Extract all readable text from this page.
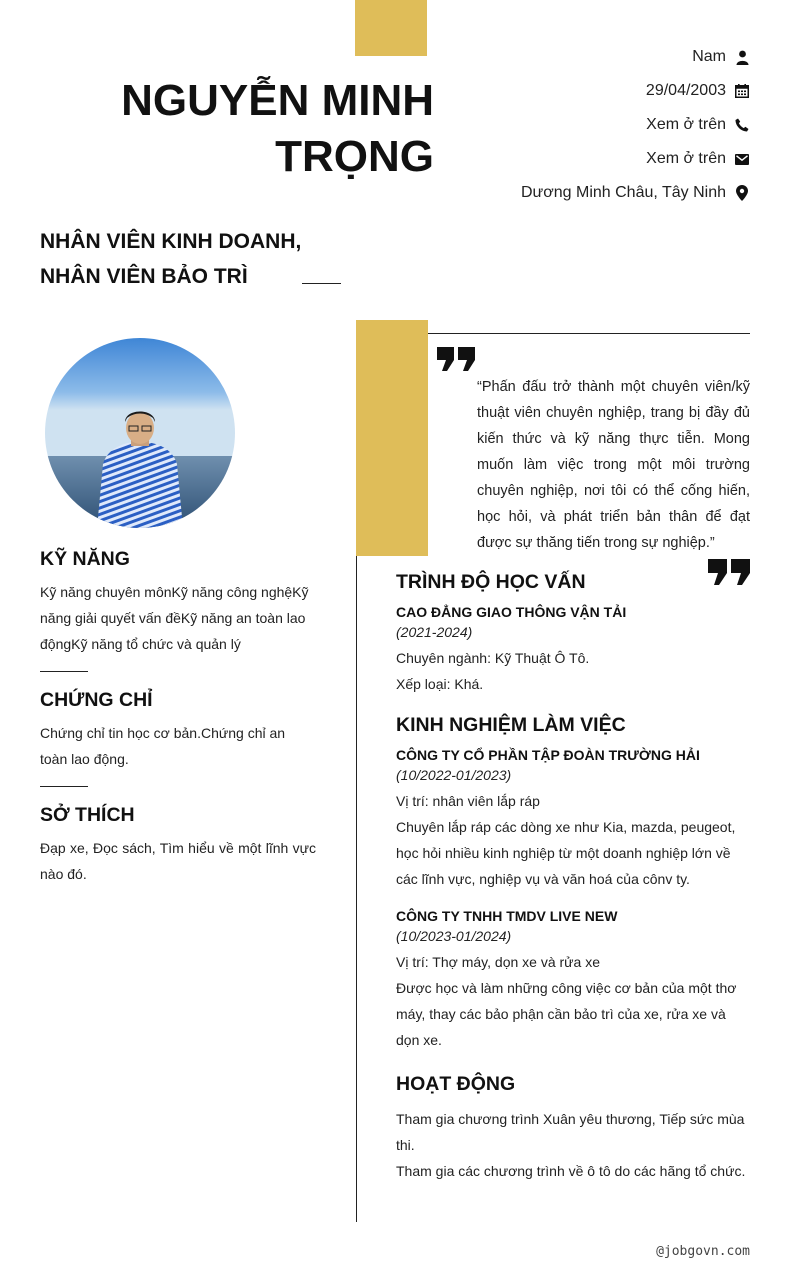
NGUYỄN MINH
TRỌNG
Nam
29/04/2003
Xem ở trên
Xem ở trên
Dương Minh Châu, Tây Ninh
NHÂN VIÊN KINH DOANH,
NHÂN VIÊN BẢO TRÌ
“Phấn đấu trở thành một chuyên viên/kỹ thuật viên chuyên nghiệp, trang bị đầy đủ kiến thức và kỹ năng thực tiễn. Mong muốn làm việc trong một môi trường chuyên nghiệp, nơi tôi có thể cống hiến, học hỏi, và phát triển bản thân để đạt được sự thăng tiến trong sự nghiệp.”
KỸ NĂNG
Kỹ năng chuyên mônKỹ năng công nghệKỹ năng giải quyết vấn đềKỹ năng an toàn lao độngKỹ năng tổ chức và quản lý
CHỨNG CHỈ
Chứng chỉ tin học cơ bản.Chứng chỉ an toàn lao động.
SỞ THÍCH
Đạp xe, Đọc sách, Tìm hiểu về một lĩnh vực nào đó.
TRÌNH ĐỘ HỌC VẤN
CAO ĐẲNG GIAO THÔNG VẬN TẢI
(2021-2024)
Chuyên ngành: Kỹ Thuật Ô Tô.
Xếp loại: Khá.
KINH NGHIỆM LÀM VIỆC
CÔNG TY CỔ PHẦN TẬP ĐOÀN TRƯỜNG HẢI
(10/2022-01/2023)
Vị trí: nhân viên lắp ráp
Chuyên lắp ráp các dòng xe như Kia, mazda, peugeot, học hỏi nhiều kinh nghiệp từ một doanh nghiệp lớn về các lĩnh vực, nghiệp vụ và văn hoá của cônv ty.
CÔNG TY TNHH TMDV LIVE NEW
(10/2023-01/2024)
Vị trí: Thợ máy, dọn xe và rửa xe
Được học và làm những công việc cơ bản của một thơ máy, thay các bảo phận cần bảo trì của xe, rửa xe và dọn xe.
HOẠT ĐỘNG
Tham gia chương trình Xuân yêu thương, Tiếp sức mùa thi.
Tham gia các chương trình về ô tô do các hãng tổ chức.
@jobgovn.com
